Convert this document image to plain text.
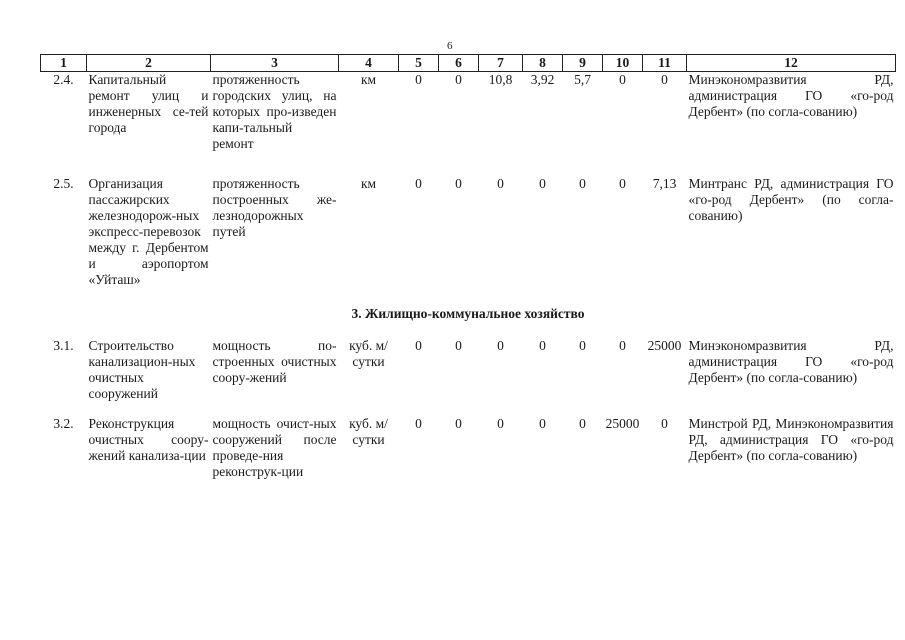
6
1	2	3	4	5	6	7	8	9	10	11	12
2.4.	Капитальный ремонт улиц и инженерных се-тей города	протяженность городских улиц, на которых про-изведен капи-тальный ремонт	км	0	0	10,8	3,92	5,7	0	0	Минэкономразвития РД, администрация ГО «го-род Дербент» (по согла-сованию)

2.5.	Организация пассажирских железнодорож-ных экспресс-перевозок между г. Дербентом и аэропортом «Уйташ»	протяженность построенных же-лезнодорожных путей	км	0	0	0	0	0	0	7,13	Минтранс РД, администрация ГО «го-род Дербент» (по согла-сованию)
3. Жилищно-коммунальное хозяйство											
3.1.	Строительство канализацион-ных очистных сооружений	мощность по-строенных очистных соору-жений	куб. м/сутки	0	0	0	0	0	0	25000	Минэкономразвития РД, администрация ГО «го-род Дербент» (по согла-сованию)

3.2.	Реконструкция очистных соору-жений канализа-ции	мощность очист-ных сооружений после проведе-ния реконструк-ции	куб. м/сутки	0	0	0	0	0	25000	0	Минстрой РД, Минэкономразвития РД, администрация ГО «го-род Дербент» (по согла-сованию)
